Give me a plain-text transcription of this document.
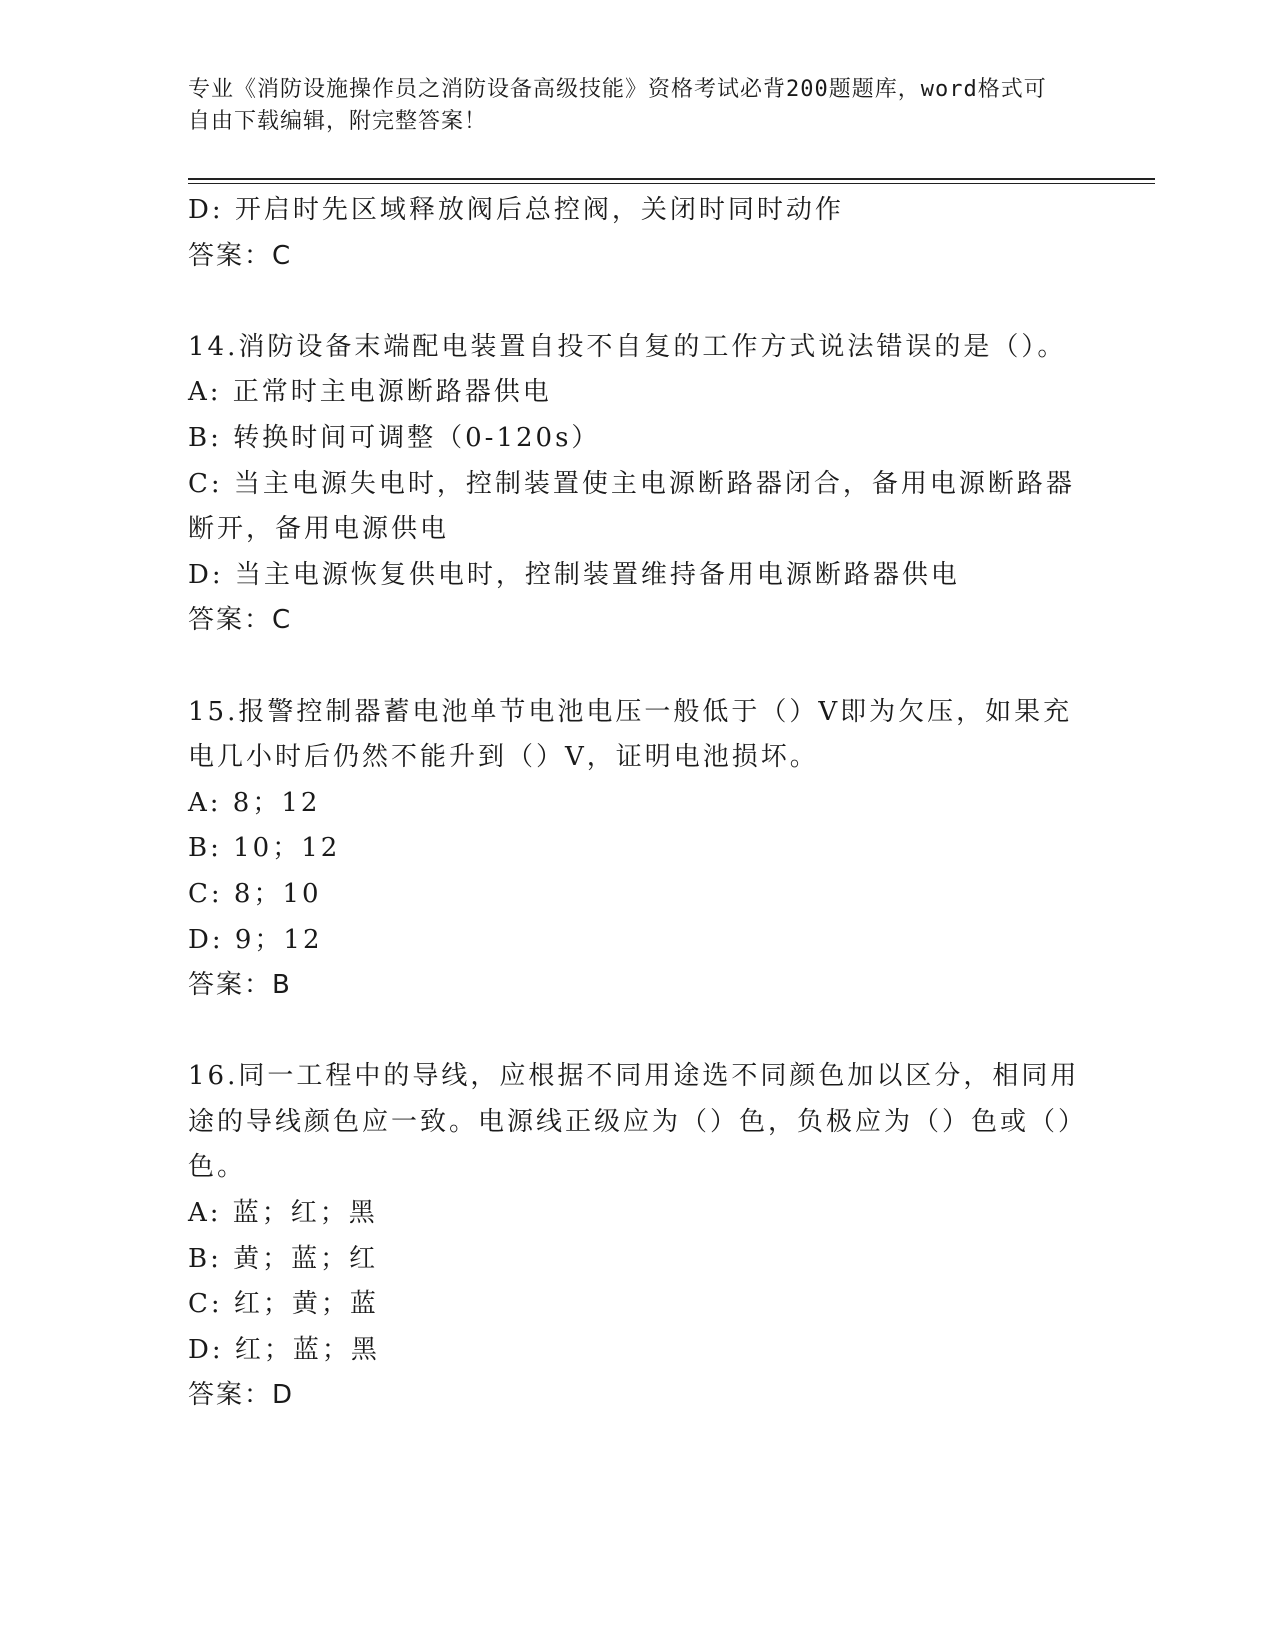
专业《消防设施操作员之消防设备高级技能》资格考试必背200题题库，word格式可自由下载编辑，附完整答案！
D: 开启时先区域释放阀后总控阀，关闭时同时动作
答案：C
14.消防设备末端配电装置自投不自复的工作方式说法错误的是（）。
A: 正常时主电源断路器供电
B: 转换时间可调整（0-120s）
C: 当主电源失电时，控制装置使主电源断路器闭合，备用电源断路器断开，备用电源供电
D: 当主电源恢复供电时，控制装置维持备用电源断路器供电
答案：C
15.报警控制器蓄电池单节电池电压一般低于（）V即为欠压，如果充电几小时后仍然不能升到（）V，证明电池损坏。
A: 8；12
B: 10；12
C: 8；10
D: 9；12
答案：B
16.同一工程中的导线，应根据不同用途选不同颜色加以区分，相同用途的导线颜色应一致。电源线正级应为（）色，负极应为（）色或（）色。
A: 蓝；红；黑
B: 黄；蓝；红
C: 红；黄；蓝
D: 红；蓝；黑
答案：D
